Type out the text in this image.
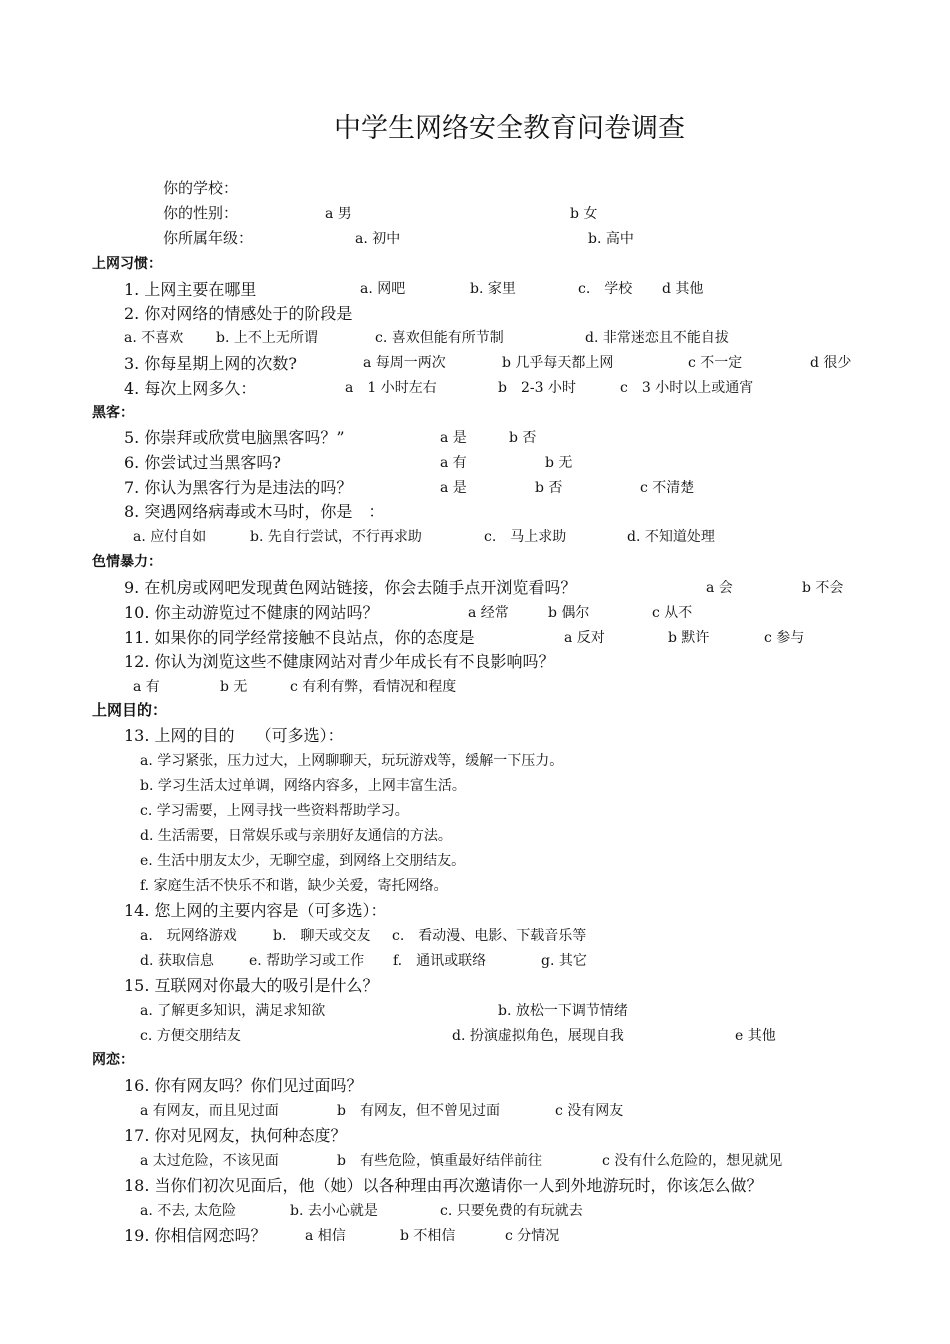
中学生网络安全教育问卷调查
你的学校：
你的性别：	a 男	b 女
你所属年级：	a. 初中	b. 高中
上网习惯：
1. 上网主要在哪里	a. 网吧	b. 家里	c.　学校 d 其他
2. 你对网络的情感处于的阶段是
a. 不喜欢 b. 上不上无所谓	c. 喜欢但能有所节制	d. 非常迷恋且不能自拔
3. 你每星期上网的次数?	a 每周一两次	b 几乎每天都上网	c 不一定	d 很少
4. 每次上网多久：	a　1 小时左右	b　2-3 小时	c　3 小时以上或通宵
黑客：
5. 你崇拜或欣赏电脑黑客吗？”	a 是	b 否
6. 你尝试过当黑客吗?	a 有	b 无
7. 你认为黑客行为是违法的吗？	a 是	b 否	c 不清楚
8. 突遇网络病毒或木马时，你是　：
a. 应付自如	b. 先自行尝试，不行再求助	c.　马上求助	d. 不知道处理
色情暴力：
9. 在机房或网吧发现黄色网站链接，你会去随手点开浏览看吗？	a 会	b 不会
10. 你主动游览过不健康的网站吗？	a 经常	b 偶尔	c 从不
11. 如果你的同学经常接触不良站点，你的态度是	a 反对	b 默许	c 参与
12. 你认为浏览这些不健康网站对青少年成长有不良影响吗？
a 有	b 无	c 有利有弊，看情况和程度
上网目的：
13. 上网的目的　 （可多选）：
a. 学习紧张，压力过大，上网聊聊天，玩玩游戏等，缓解一下压力。
b. 学习生活太过单调，网络内容多，上网丰富生活。
c. 学习需要，上网寻找一些资料帮助学习。
d. 生活需要，日常娱乐或与亲朋好友通信的方法。
e. 生活中朋友太少，无聊空虚，到网络上交朋结友。
f. 家庭生活不快乐不和谐，缺少关爱，寄托网络。
14. 您上网的主要内容是（可多选）：
a.　玩网络游戏	b.　聊天或交友 c.　看动漫、电影、下载音乐等
d. 获取信息	e. 帮助学习或工作 f.　通讯或联络	g. 其它
15. 互联网对你最大的吸引是什么？
a. 了解更多知识，满足求知欲	b. 放松一下调节情绪
c. 方便交朋结友	d. 扮演虚拟角色，展现自我	e 其他
网恋：
16. 你有网友吗？你们见过面吗？
a 有网友，而且见过面	b　有网友，但不曾见过面	c 没有网友
17. 你对见网友，执何种态度？
a 太过危险，不该见面	b　有些危险，慎重最好结伴前往	c 没有什么危险的，想见就见
18. 当你们初次见面后，他（她）以各种理由再次邀请你一人到外地游玩时，你该怎么做？
a. 不去, 太危险	b. 去小心就是	c. 只要免费的有玩就去
19. 你相信网恋吗？	a 相信	b 不相信	c 分情况
